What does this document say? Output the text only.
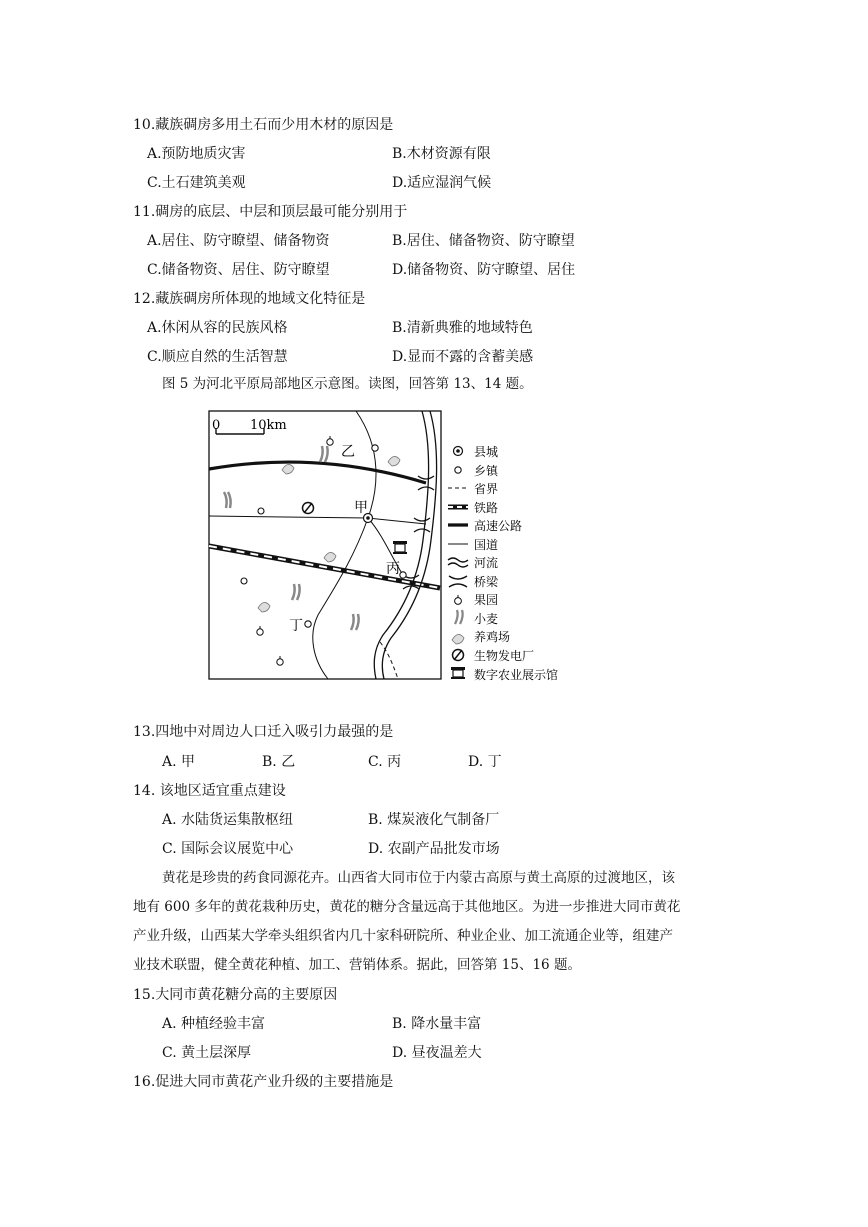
10.藏族碉房多用土石而少用木材的原因是
A.预防地质灾害	B.木材资源有限
C.土石建筑美观	D.适应湿润气候
11.碉房的底层、中层和顶层最可能分别用于
A.居住、防守瞭望、储备物资	B.居住、储备物资、防守瞭望
C.储备物资、居住、防守瞭望	D.储备物资、防守瞭望、居住
12.藏族碉房所体现的地域文化特征是
A.休闲从容的民族风格	B.清新典雅的地域特色
C.顺应自然的生活智慧	D.显而不露的含蓄美感
图 5 为河北平原局部地区示意图。读图，回答第 13、14 题。
0 10km
甲
乙
丙
丁
县城
乡镇
省界
铁路
高速公路
国道
河流
桥梁
果园
小麦
养鸡场
生物发电厂
数字农业展示馆
13.四地中对周边人口迁入吸引力最强的是
A. 甲	B. 乙	C. 丙	D. 丁
14. 该地区适宜重点建设
A. 水陆货运集散枢纽	B. 煤炭液化气制备厂
C. 国际会议展览中心	D. 农副产品批发市场
黄花是珍贵的药食同源花卉。山西省大同市位于内蒙古高原与黄土高原的过渡地区，该
地有 600 多年的黄花栽种历史，黄花的糖分含量远高于其他地区。为进一步推进大同市黄花
产业升级，山西某大学牵头组织省内几十家科研院所、种业企业、加工流通企业等，组建产
业技术联盟，健全黄花种植、加工、营销体系。据此，回答第 15、16 题。
15.大同市黄花糖分高的主要原因
A. 种植经验丰富	B. 降水量丰富
C. 黄土层深厚	D. 昼夜温差大
16.促进大同市黄花产业升级的主要措施是
